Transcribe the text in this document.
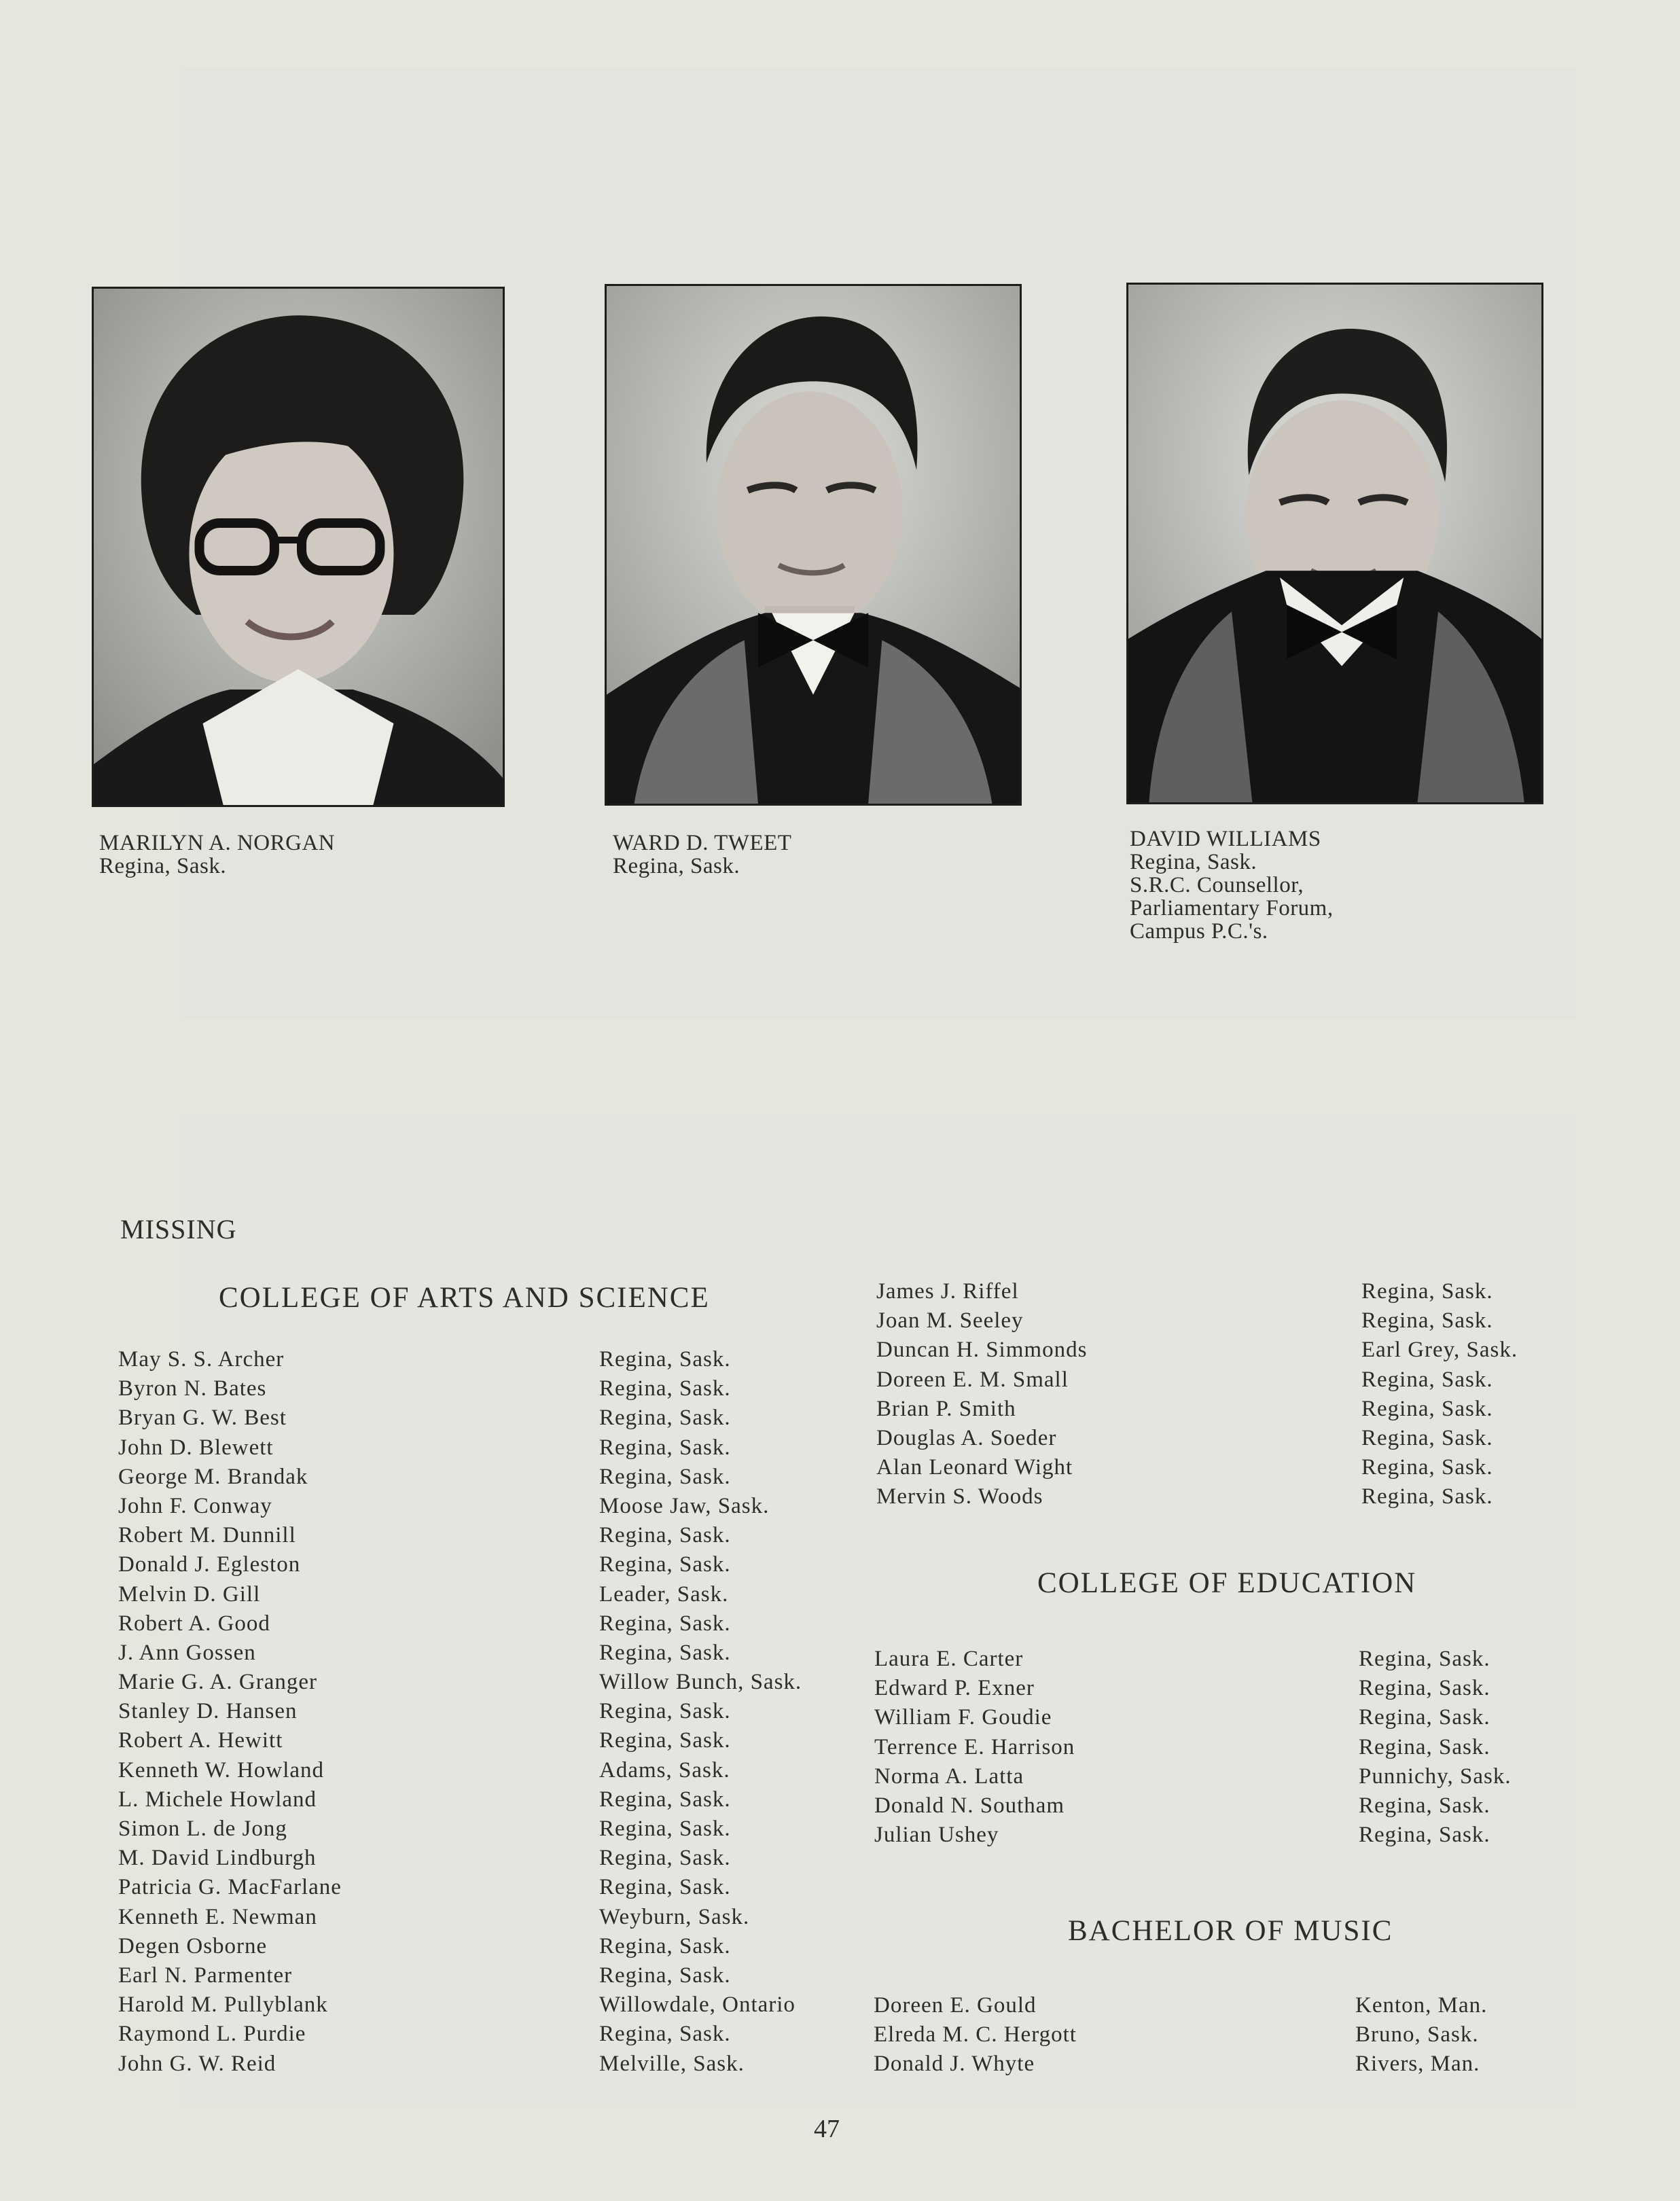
MARILYN A. NORGAN
Regina, Sask.
WARD D. TWEET
Regina, Sask.
DAVID WILLIAMS
Regina, Sask.
S.R.C. Counsellor,
Parliamentary Forum,
Campus P.C.'s.
MISSING
COLLEGE OF ARTS AND SCIENCE
COLLEGE OF EDUCATION
BACHELOR OF MUSIC
May S. S. Archer	Regina, Sask.
Byron N. Bates	Regina, Sask.
Bryan G. W. Best	Regina, Sask.
John D. Blewett	Regina, Sask.
George M. Brandak	Regina, Sask.
John F. Conway	Moose Jaw, Sask.
Robert M. Dunnill	Regina, Sask.
Donald J. Egleston	Regina, Sask.
Melvin D. Gill	Leader, Sask.
Robert A. Good	Regina, Sask.
J. Ann Gossen	Regina, Sask.
Marie G. A. Granger	Willow Bunch, Sask.
Stanley D. Hansen	Regina, Sask.
Robert A. Hewitt	Regina, Sask.
Kenneth W. Howland	Adams, Sask.
L. Michele Howland	Regina, Sask.
Simon L. de Jong	Regina, Sask.
M. David Lindburgh	Regina, Sask.
Patricia G. MacFarlane	Regina, Sask.
Kenneth E. Newman	Weyburn, Sask.
Degen Osborne	Regina, Sask.
Earl N. Parmenter	Regina, Sask.
Harold M. Pullyblank	Willowdale, Ontario
Raymond L. Purdie	Regina, Sask.
John G. W. Reid	Melville, Sask.
James J. Riffel	Regina, Sask.
Joan M. Seeley	Regina, Sask.
Duncan H. Simmonds	Earl Grey, Sask.
Doreen E. M. Small	Regina, Sask.
Brian P. Smith	Regina, Sask.
Douglas A. Soeder	Regina, Sask.
Alan Leonard Wight	Regina, Sask.
Mervin S. Woods	Regina, Sask.
Laura E. Carter	Regina, Sask.
Edward P. Exner	Regina, Sask.
William F. Goudie	Regina, Sask.
Terrence E. Harrison	Regina, Sask.
Norma A. Latta	Punnichy, Sask.
Donald N. Southam	Regina, Sask.
Julian Ushey	Regina, Sask.
Doreen E. Gould	Kenton, Man.
Elreda M. C. Hergott	Bruno, Sask.
Donald J. Whyte	Rivers, Man.
47
